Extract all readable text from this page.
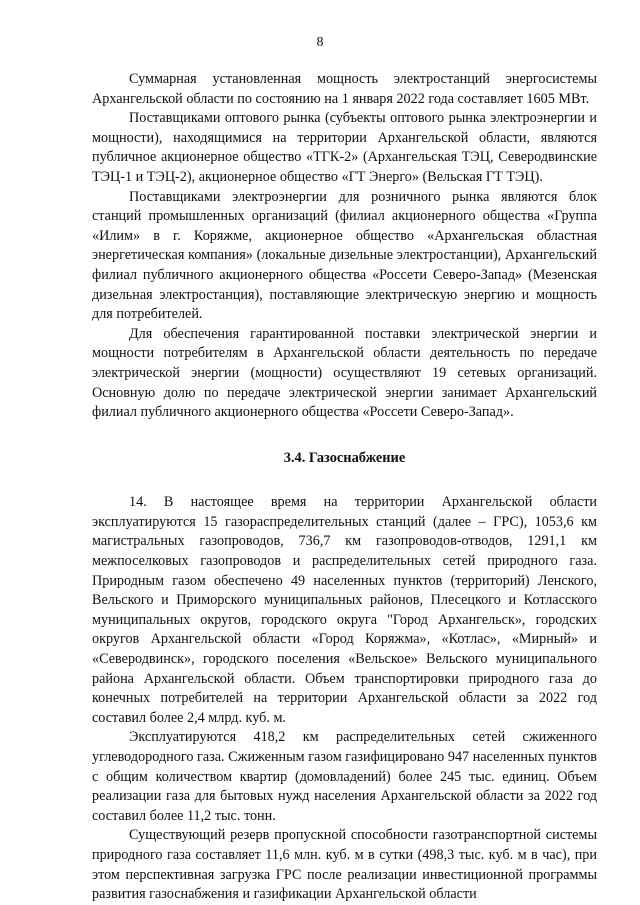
8

Суммарная установленная мощность электростанций энергосистемы Архангельской области по состоянию на 1 января 2022 года составляет 1605 МВт.

Поставщиками оптового рынка (субъекты оптового рынка электроэнергии и мощности), находящимися на территории Архангельской области, являются публичное акционерное общество «ТГК-2» (Архангельская ТЭЦ, Северодвинские ТЭЦ-1 и ТЭЦ-2), акционерное общество «ГТ Энерго» (Вельская ГТ ТЭЦ).

Поставщиками электроэнергии для розничного рынка являются блок станций промышленных организаций (филиал акционерного общества «Группа «Илим» в г. Коряжме, акционерное общество «Архангельская областная энергетическая компания» (локальные дизельные электростанции), Архангельский филиал публичного акционерного общества «Россети Северо-Запад» (Мезенская дизельная электростанция), поставляющие электрическую энергию и мощность для потребителей.

Для обеспечения гарантированной поставки электрической энергии и мощности потребителям в Архангельской области деятельность по передаче электрической энергии (мощности) осуществляют 19 сетевых организаций. Основную долю по передаче электрической энергии занимает Архангельский филиал публичного акционерного общества «Россети Северо-Запад».

3.4. Газоснабжение

14. В настоящее время на территории Архангельской области эксплуатируются 15 газораспределительных станций (далее – ГРС), 1053,6 км магистральных газопроводов, 736,7 км газопроводов-отводов, 1291,1 км межпоселковых газопроводов и распределительных сетей природного газа. Природным газом обеспечено 49 населенных пунктов (территорий) Ленского, Вельского и Приморского муниципальных районов, Плесецкого и Котласского муниципальных округов, городского округа "Город Архангельск», городских округов Архангельской области «Город Коряжма», «Котлас», «Мирный» и «Северодвинск», городского поселения «Вельское» Вельского муниципального района Архангельской области. Объем транспортировки природного газа до конечных потребителей на территории Архангельской области за 2022 год составил более 2,4 млрд. куб. м.

Эксплуатируются 418,2 км распределительных сетей сжиженного углеводородного газа. Сжиженным газом газифицировано 947 населенных пунктов с общим количеством квартир (домовладений) более 245 тыс. единиц. Объем реализации газа для бытовых нужд населения Архангельской области за 2022 год составил более 11,2 тыс. тонн.

Существующий резерв пропускной способности газотранспортной системы природного газа составляет 11,6 млн. куб. м в сутки (498,3 тыс. куб. м в час), при этом перспективная загрузка ГРС после реализации инвестиционной программы развития газоснабжения и газификации Архангельской области
